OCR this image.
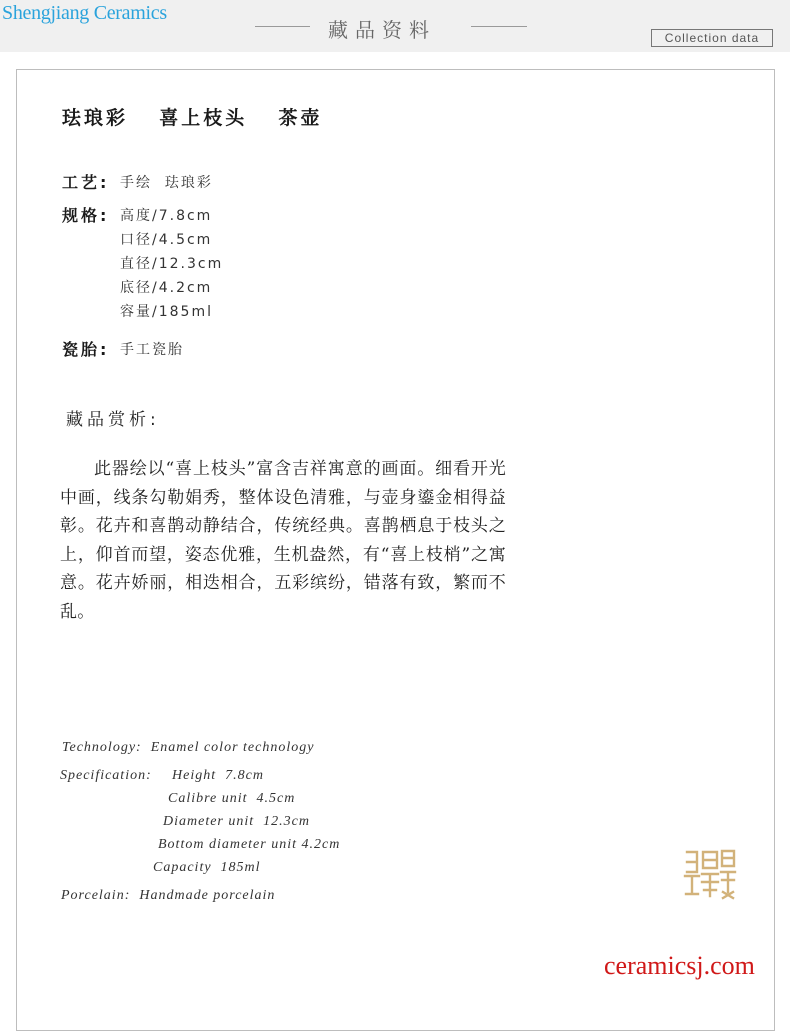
Shengjiang Ceramics
藏品资料	Collection data
珐琅彩  喜上枝头  茶壶
工艺: 手绘  珐琅彩
规格: 高度/7.8cm
口径/4.5cm
直径/12.3cm
底径/4.2cm
容量/185ml
瓷胎: 手工瓷胎
藏品赏析:
此器绘以“喜上枝头”富含吉祥寓意的画面。细看开光中画，线条勾勒娟秀，整体设色清雅，与壶身鎏金相得益彰。花卉和喜鹊动静结合，传统经典。喜鹊栖息于枝头之上，仰首而望，姿态优雅，生机盎然，有“喜上枝梢”之寓意。花卉娇丽，相迭相合，五彩缤纷，错落有致，繁而不乱。
Technology:  Enamel color technology
Specification: Height  7.8cm
Calibre unit  4.5cm
Diameter unit  12.3cm
Bottom diameter unit 4.2cm
Capacity  185ml
Porcelain:  Handmade porcelain
ceramicsj.com
